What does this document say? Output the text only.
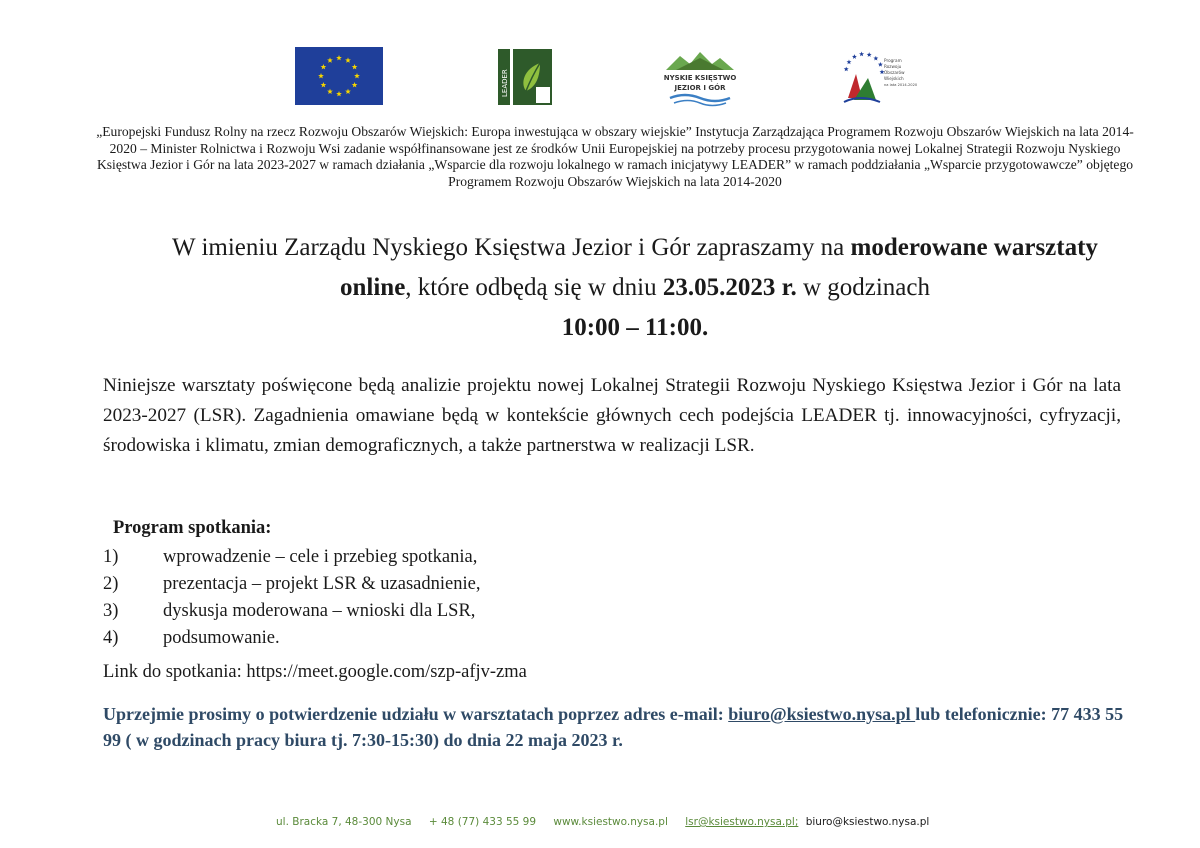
LEADER	NYSKIE KSIĘSTWO
JEZIOR I GÓR
Program
Rozwoju
Obszarów
Wiejskich
na lata 2014-2020
„Europejski Fundusz Rolny na rzecz Rozwoju Obszarów Wiejskich: Europa inwestująca w obszary wiejskie” Instytucja Zarządzająca Programem Rozwoju Obszarów Wiejskich na lata 2014-2020 – Minister Rolnictwa i Rozwoju Wsi zadanie współfinansowane jest ze środków Unii Europejskiej na potrzeby procesu przygotowania nowej Lokalnej Strategii Rozwoju Nyskiego Księstwa Jezior i Gór na lata 2023-2027 w ramach działania „Wsparcie dla rozwoju lokalnego w ramach inicjatywy LEADER” w ramach poddziałania „Wsparcie przygotowawcze” objętego Programem Rozwoju Obszarów Wiejskich na lata 2014-2020
W imieniu Zarządu Nyskiego Księstwa Jezior i Gór zapraszamy na moderowane warsztaty online, które odbędą się w dniu 23.05.2023 r. w godzinach
10:00 – 11:00.
Niniejsze warsztaty poświęcone będą analizie projektu nowej Lokalnej Strategii Rozwoju Nyskiego Księstwa Jezior i Gór na lata 2023-2027 (LSR). Zagadnienia omawiane będą w kontekście głównych cech podejścia LEADER tj. innowacyjności, cyfryzacji, środowiska i klimatu, zmian demograficznych, a także partnerstwa w realizacji LSR.
Program spotkania:
1) wprowadzenie – cele i przebieg spotkania,
2) prezentacja – projekt LSR & uzasadnienie,
3) dyskusja moderowana – wnioski dla LSR,
4) podsumowanie.
Link do spotkania: https://meet.google.com/szp-afjv-zma
Uprzejmie prosimy o potwierdzenie udziału w warsztatach poprzez adres e-mail: biuro@ksiestwo.nysa.pl lub telefonicznie: 77 433 55 99 ( w godzinach pracy biura tj. 7:30-15:30) do dnia 22 maja 2023 r.
ul. Bracka 7, 48-300 Nysa + 48 (77) 433 55 99 www.ksiestwo.nysa.pl lsr@ksiestwo.nysa.pl; biuro@ksiestwo.nysa.pl
